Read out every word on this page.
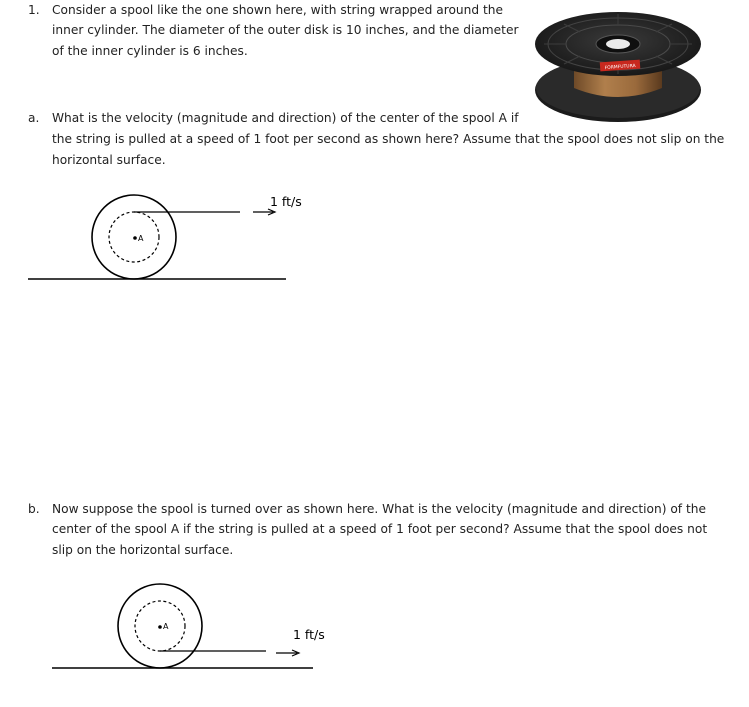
1. Consider a spool like the one shown here, with string wrapped around the

inner cylinder. The diameter of the outer disk is 10 inches, and the diameter

of the inner cylinder is 6 inches.

FORMFUTURA
a. What is the velocity (magnitude and direction) of the center of the spool A if

the string is pulled at a speed of 1 foot per second as shown here? Assume that the spool does not slip on the

horizontal surface.

A
1 ft/s
b. Now suppose the spool is turned over as shown here. What is the velocity (magnitude and direction) of the

center of the spool A if the string is pulled at a speed of 1 foot per second? Assume that the spool does not

slip on the horizontal surface.

A
1 ft/s
